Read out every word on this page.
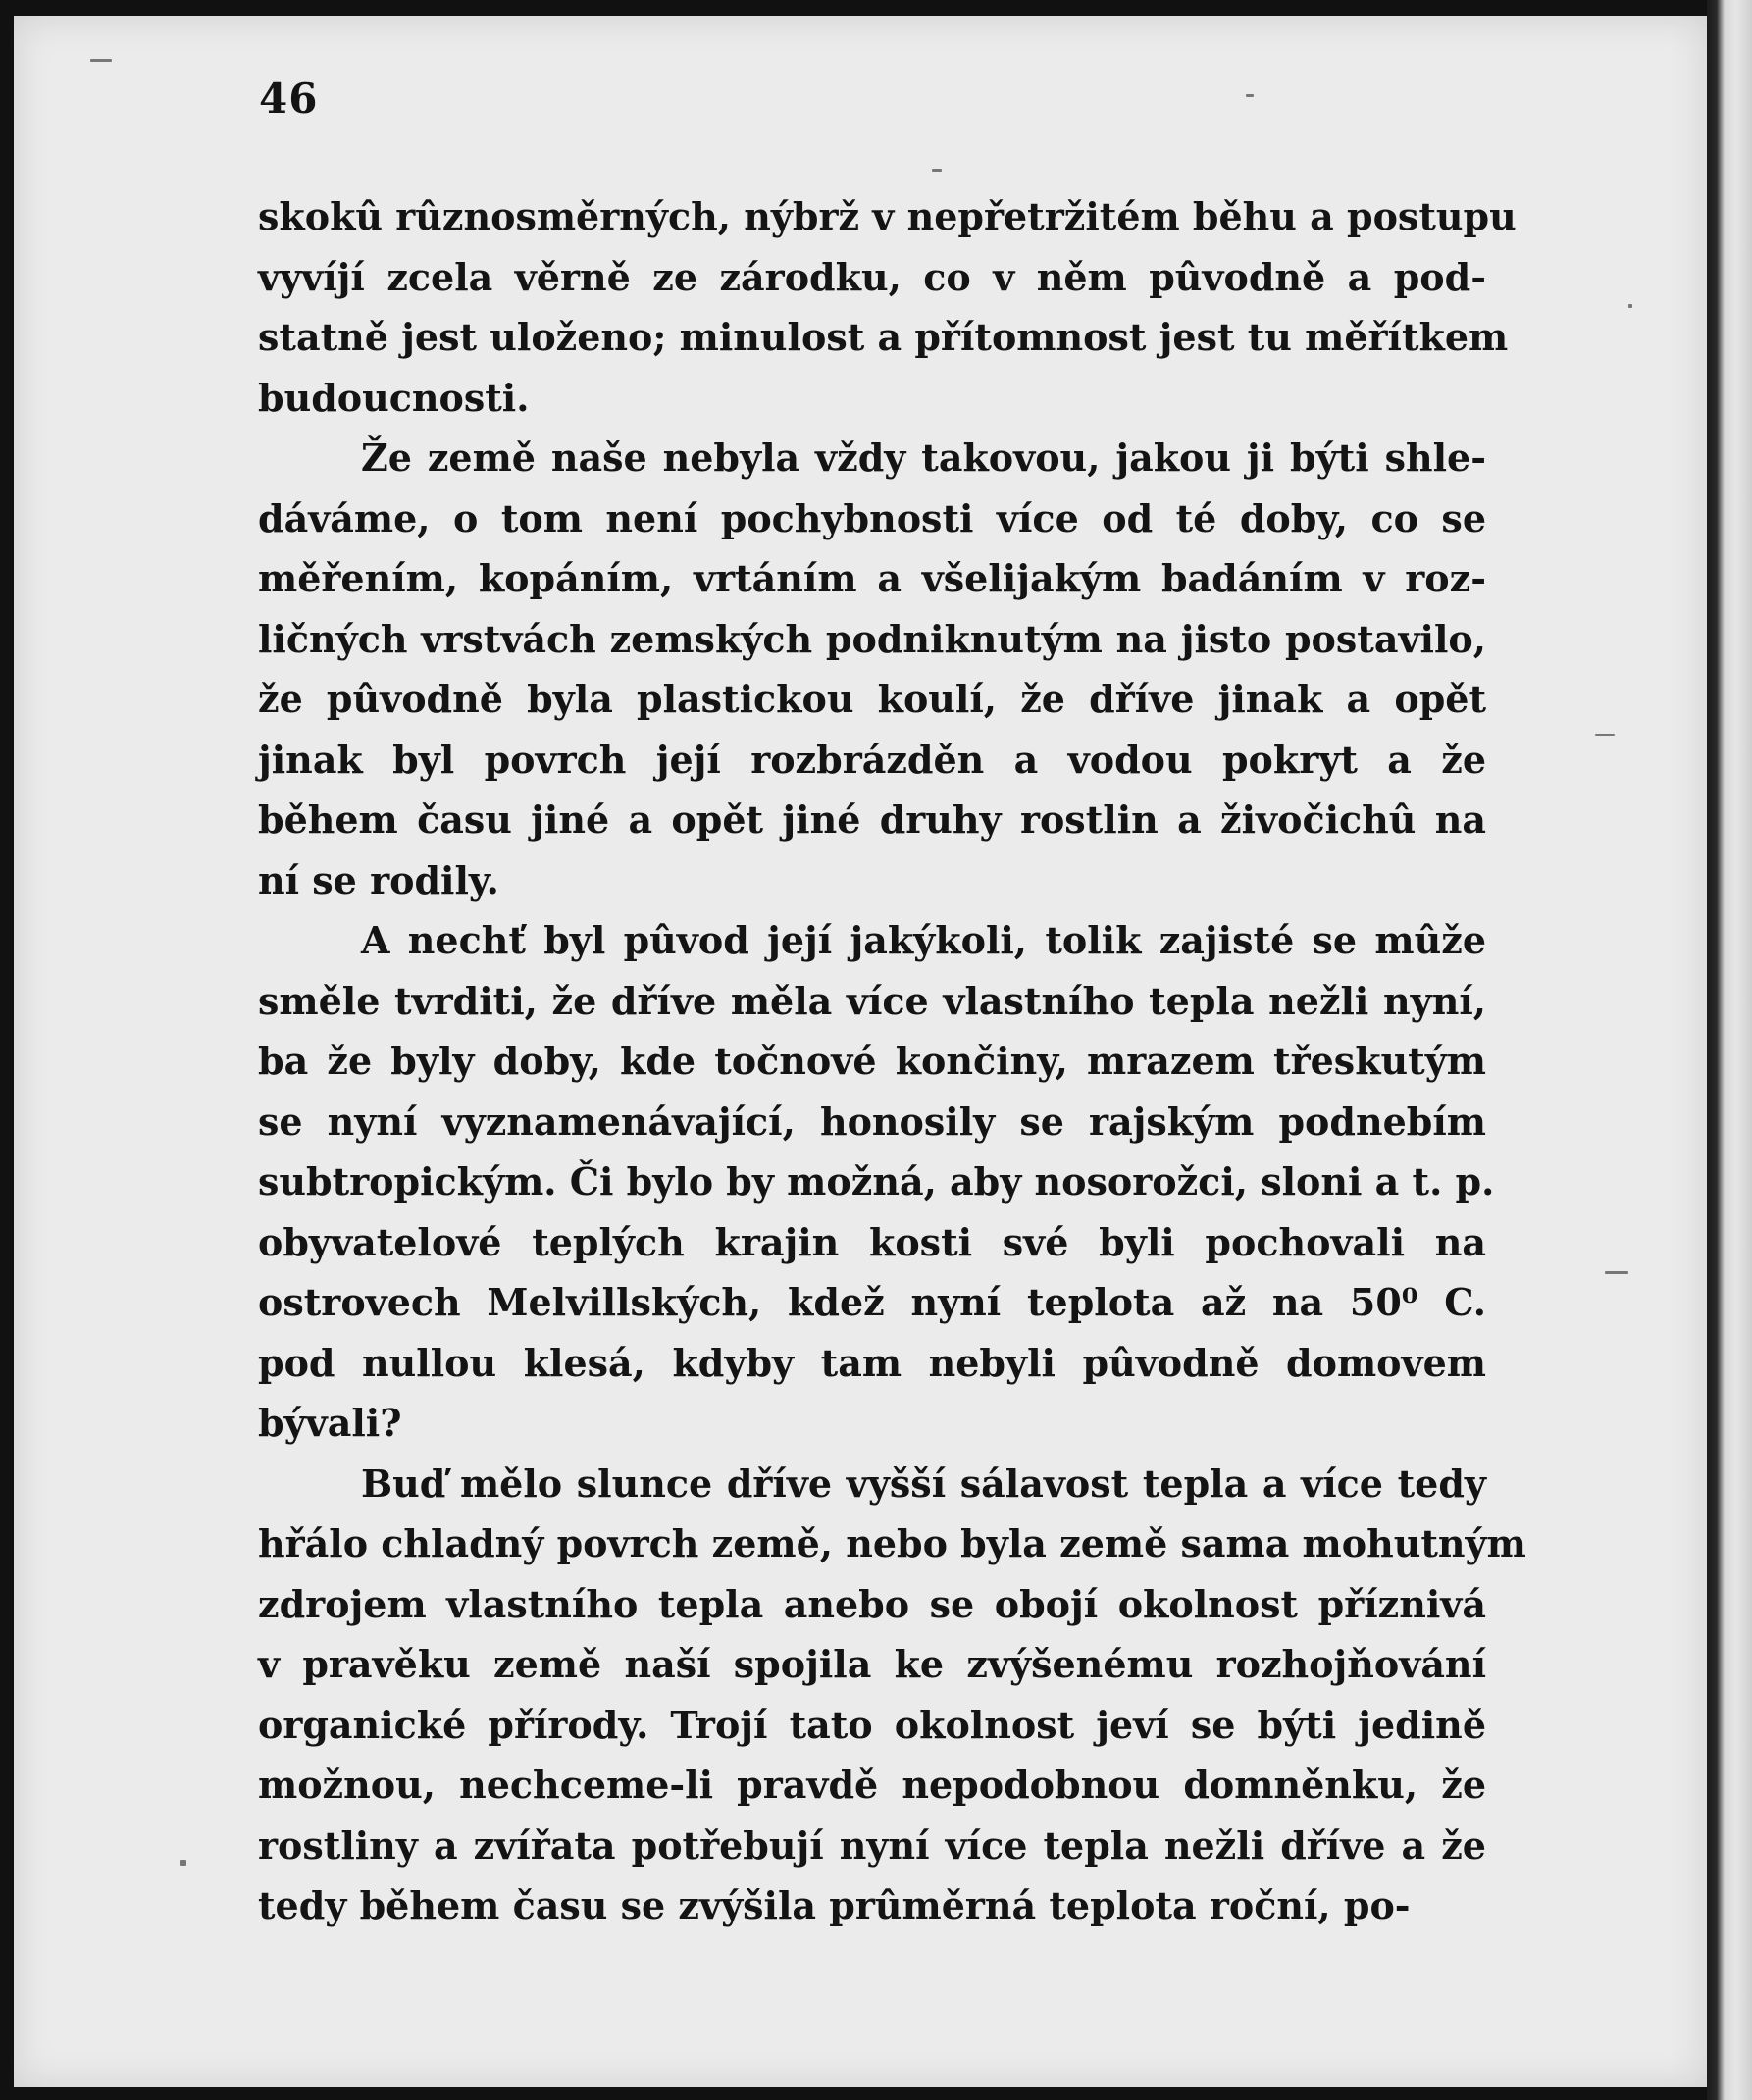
46
skokû rûznosměrných, nýbrž v nepřetržitém běhu a postupu
vyvíjí zcela věrně ze zárodku, co v něm pûvodně a pod-
statně jest uloženo; minulost a přítomnost jest tu měřítkem
budoucnosti.
Že země naše nebyla vždy takovou, jakou ji býti shle-
dáváme, o tom není pochybnosti více od té doby, co se
měřením, kopáním, vrtáním a všelijakým badáním v roz-
ličných vrstvách zemských podniknutým na jisto postavilo,
že pûvodně byla plastickou koulí, že dříve jinak a opět
jinak byl povrch její rozbrázděn a vodou pokryt a že
během času jiné a opět jiné druhy rostlin a živočichû na
ní se rodily.
A nechť byl pûvod její jakýkoli, tolik zajisté se mûže
směle tvrditi, že dříve měla více vlastního tepla nežli nyní,
ba že byly doby, kde točnové končiny, mrazem třeskutým
se nyní vyznamenávající, honosily se rajským podnebím
subtropickým. Či bylo by možná, aby nosorožci, sloni a t. p.
obyvatelové teplých krajin kosti své byli pochovali na
ostrovech Melvillských, kdež nyní teplota až na 50⁰ C.
pod nullou klesá, kdyby tam nebyli pûvodně domovem
bývali?
Buď mělo slunce dříve vyšší sálavost tepla a více tedy
hřálo chladný povrch země, nebo byla země sama mohutným
zdrojem vlastního tepla anebo se obojí okolnost příznivá
v pravěku země naší spojila ke zvýšenému rozhojňování
organické přírody. Trojí tato okolnost jeví se býti jedině
možnou, nechceme-li pravdě nepodobnou domněnku, že
rostliny a zvířata potřebují nyní více tepla nežli dříve a že
tedy během času se zvýšila prûměrná teplota roční, po-
